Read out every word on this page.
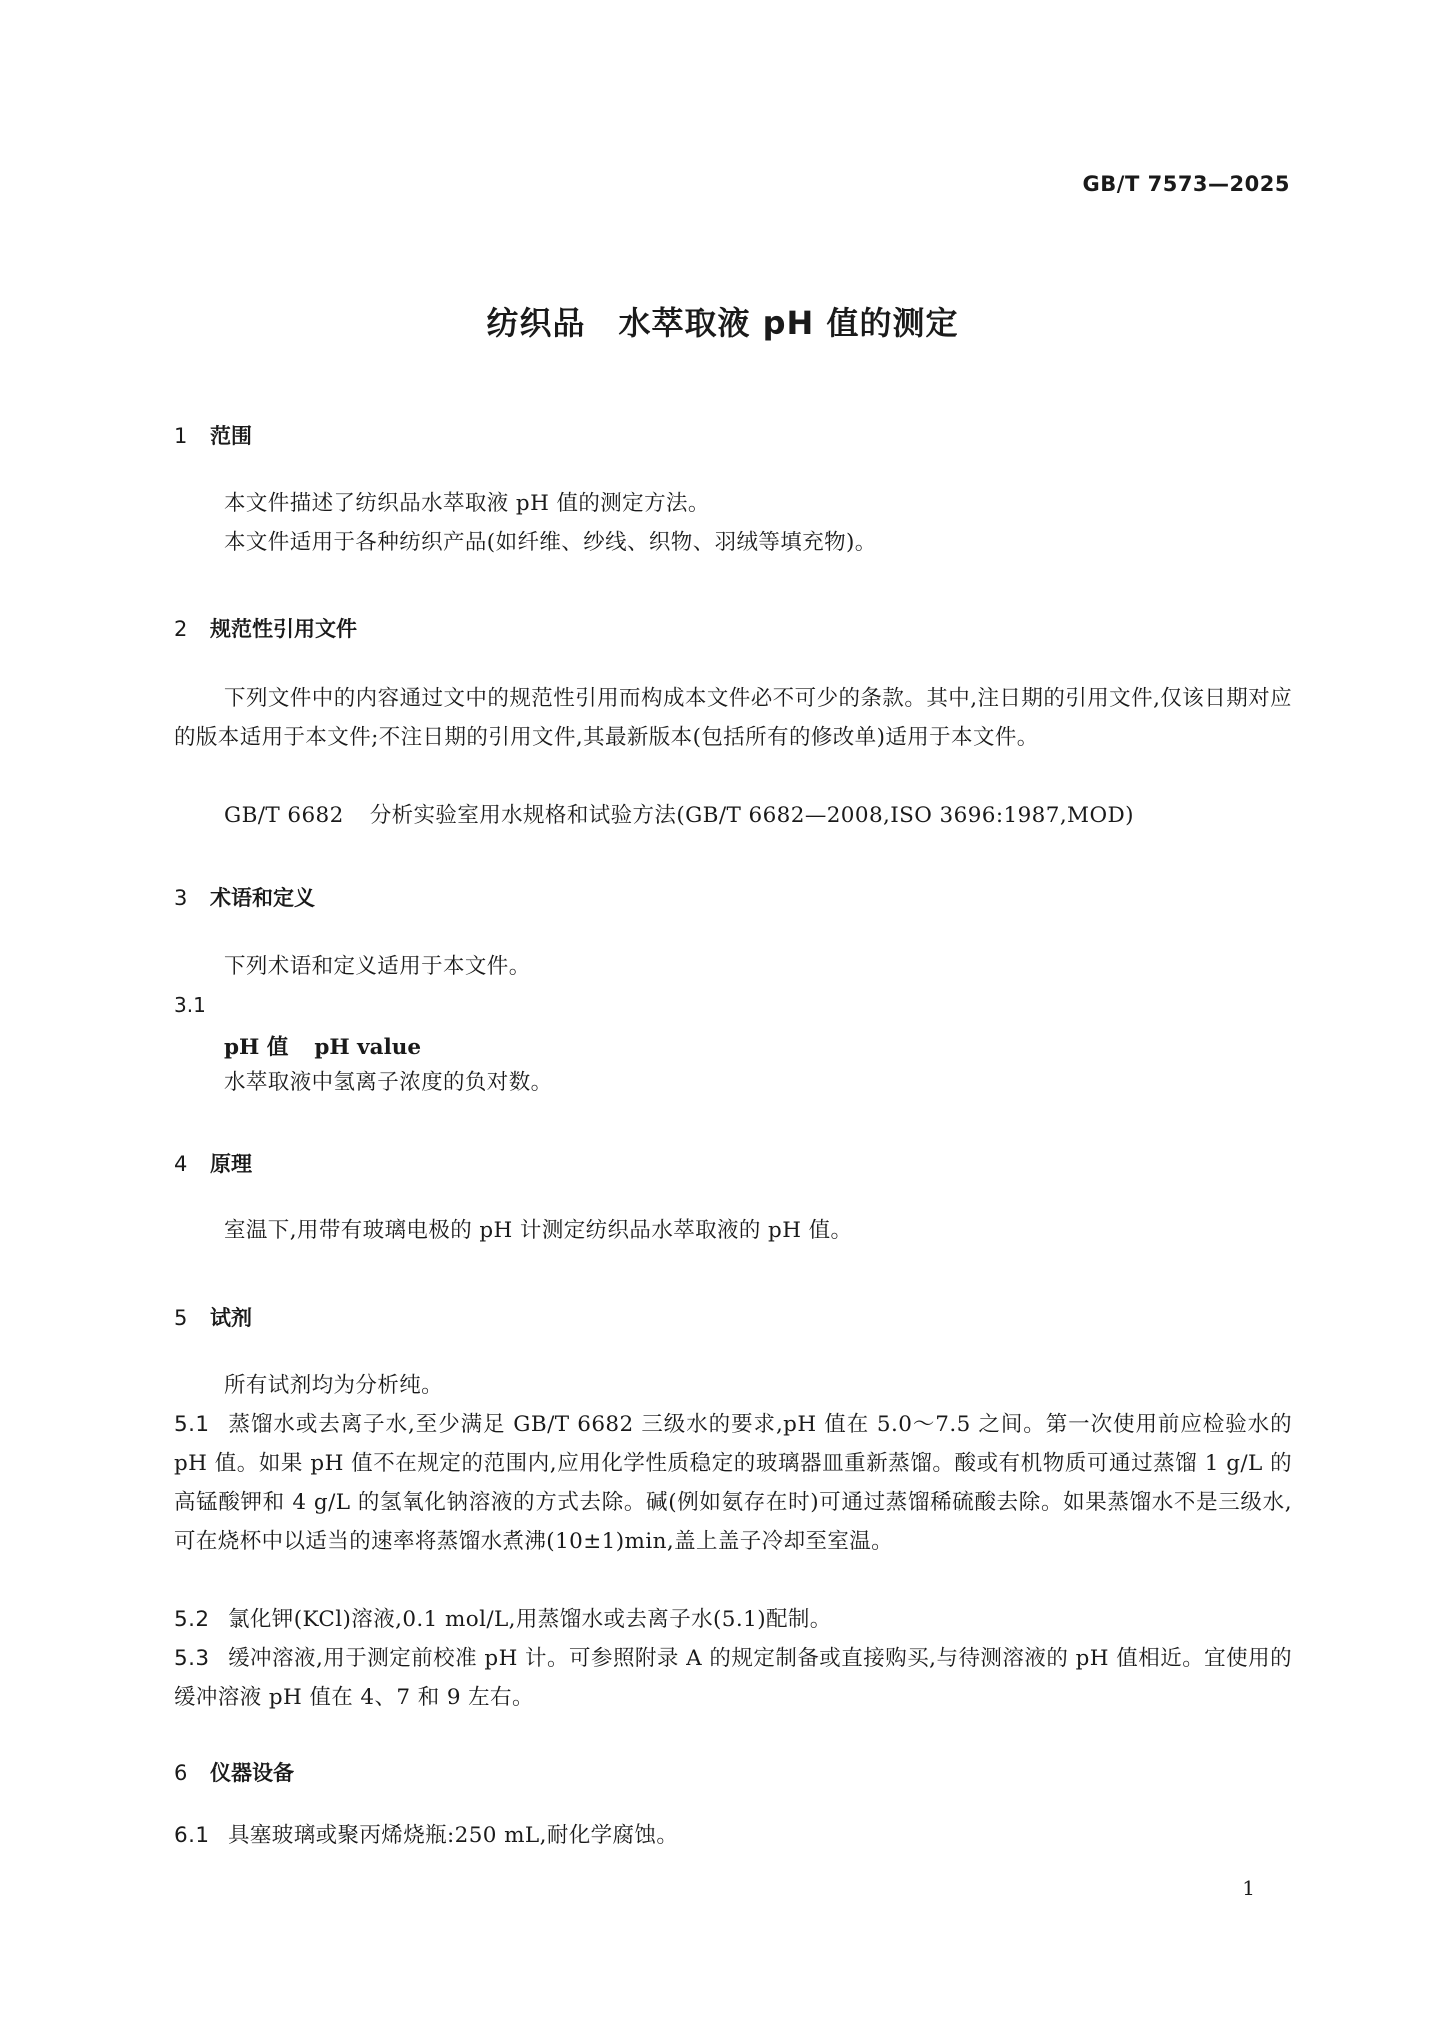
GB/T 7573—2025
纺织品　水萃取液 pH 值的测定
1 范围
本文件描述了纺织品水萃取液 pH 值的测定方法。
本文件适用于各种纺织产品(如纤维、纱线、织物、羽绒等填充物)。
2 规范性引用文件
下列文件中的内容通过文中的规范性引用而构成本文件必不可少的条款。其中,注日期的引用文件,仅该日期对应的版本适用于本文件;不注日期的引用文件,其最新版本(包括所有的修改单)适用于本文件。
GB/T 6682 分析实验室用水规格和试验方法(GB/T 6682—2008,ISO 3696:1987,MOD)
3 术语和定义
下列术语和定义适用于本文件。
3.1
pH 值 pH value
水萃取液中氢离子浓度的负对数。
4 原理
室温下,用带有玻璃电极的 pH 计测定纺织品水萃取液的 pH 值。
5 试剂
所有试剂均为分析纯。
5.1 蒸馏水或去离子水,至少满足 GB/T 6682 三级水的要求,pH 值在 5.0～7.5 之间。第一次使用前应检验水的 pH 值。如果 pH 值不在规定的范围内,应用化学性质稳定的玻璃器皿重新蒸馏。酸或有机物质可通过蒸馏 1 g/L 的高锰酸钾和 4 g/L 的氢氧化钠溶液的方式去除。碱(例如氨存在时)可通过蒸馏稀硫酸去除。如果蒸馏水不是三级水,可在烧杯中以适当的速率将蒸馏水煮沸(10±1)min,盖上盖子冷却至室温。
5.2 氯化钾(KCl)溶液,0.1 mol/L,用蒸馏水或去离子水(5.1)配制。
5.3 缓冲溶液,用于测定前校准 pH 计。可参照附录 A 的规定制备或直接购买,与待测溶液的 pH 值相近。宜使用的缓冲溶液 pH 值在 4、7 和 9 左右。
6 仪器设备
6.1 具塞玻璃或聚丙烯烧瓶:250 mL,耐化学腐蚀。
1
